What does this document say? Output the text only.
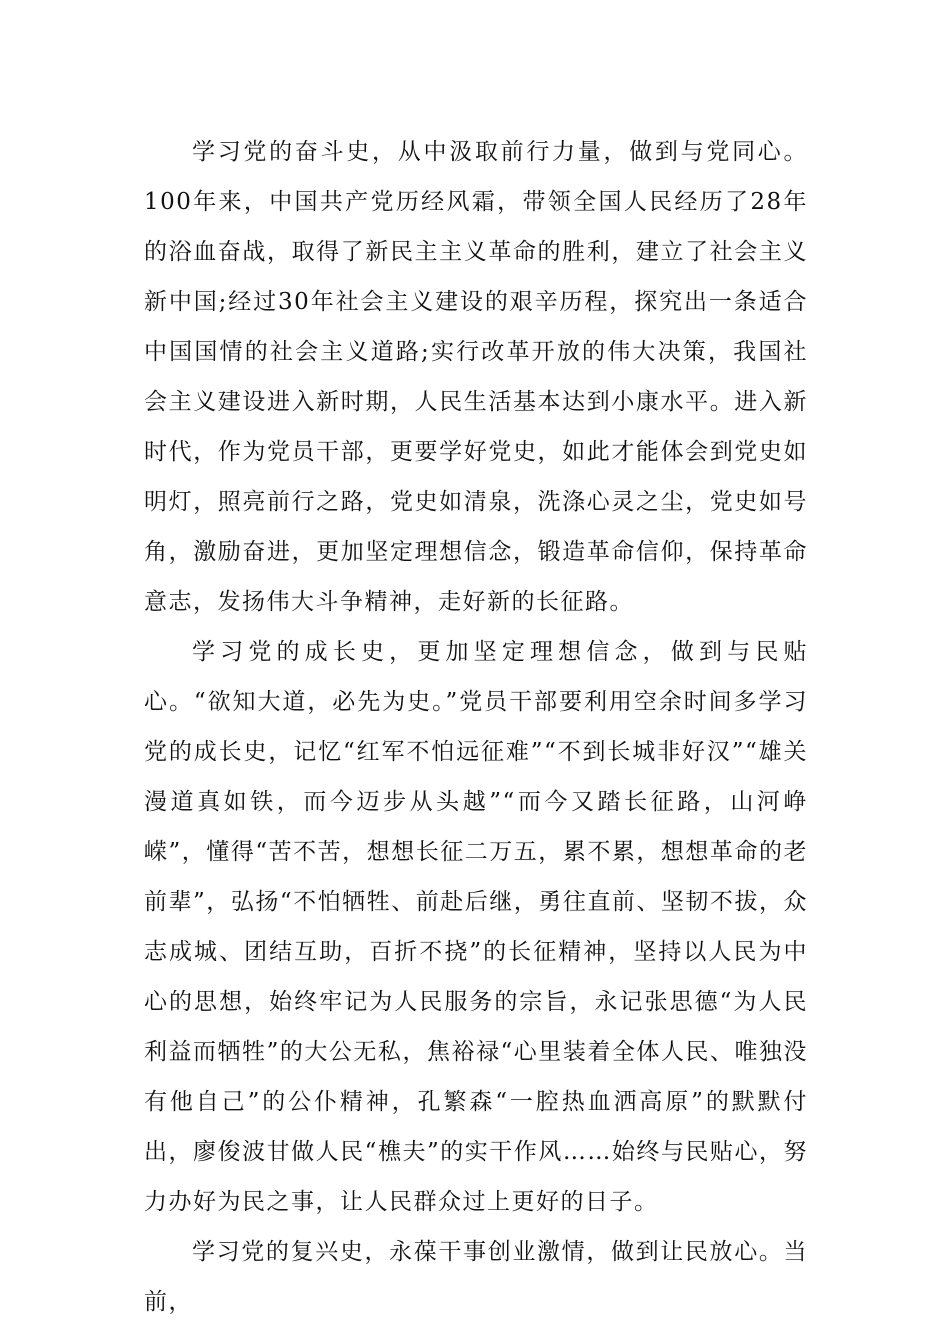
学习党的奋斗史，从中汲取前行力量，做到与党同心。100年来，中国共产党历经风霜，带领全国人民经历了28年的浴血奋战，取得了新民主主义革命的胜利，建立了社会主义新中国;经过30年社会主义建设的艰辛历程，探究出一条适合中国国情的社会主义道路;实行改革开放的伟大决策，我国社会主义建设进入新时期，人民生活基本达到小康水平。进入新时代，作为党员干部，更要学好党史，如此才能体会到党史如明灯，照亮前行之路，党史如清泉，洗涤心灵之尘，党史如号角，激励奋进，更加坚定理想信念，锻造革命信仰，保持革命意志，发扬伟大斗争精神，走好新的长征路。

学习党的成长史，更加坚定理想信念，做到与民贴心。“欲知大道，必先为史。”党员干部要利用空余时间多学习党的成长史，记忆“红军不怕远征难”“不到长城非好汉”“雄关漫道真如铁，而今迈步从头越”“而今又踏长征路，山河峥嵘”，懂得“苦不苦，想想长征二万五，累不累，想想革命的老前辈”，弘扬“不怕牺牲、前赴后继，勇往直前、坚韧不拔，众志成城、团结互助，百折不挠”的长征精神，坚持以人民为中心的思想，始终牢记为人民服务的宗旨，永记张思德“为人民利益而牺牲”的大公无私，焦裕禄“心里装着全体人民、唯独没有他自己”的公仆精神，孔繁森“一腔热血洒高原”的默默付出，廖俊波甘做人民“樵夫”的实干作风……始终与民贴心，努力办好为民之事，让人民群众过上更好的日子。

学习党的复兴史，永葆干事创业激情，做到让民放心。当前，
